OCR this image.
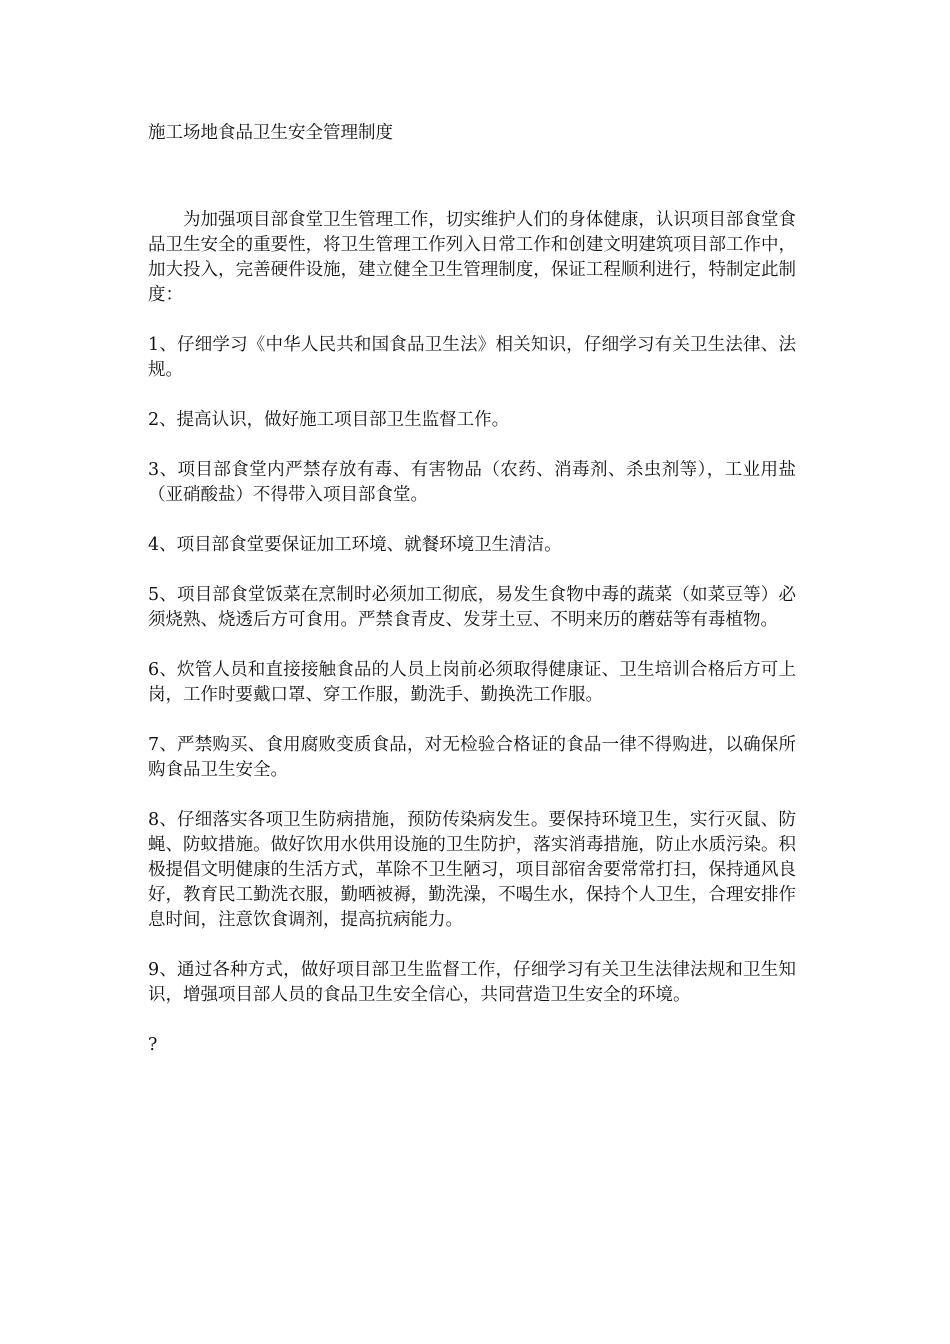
施工场地食品卫生安全管理制度

为加强项目部食堂卫生管理工作，切实维护人们的身体健康，认识项目部食堂食品卫生安全的重要性，将卫生管理工作列入日常工作和创建文明建筑项目部工作中，加大投入，完善硬件设施，建立健全卫生管理制度，保证工程顺利进行，特制定此制度：

1、仔细学习《中华人民共和国食品卫生法》相关知识，仔细学习有关卫生法律、法规。

2、提高认识，做好施工项目部卫生监督工作。

3、项目部食堂内严禁存放有毒、有害物品（农药、消毒剂、杀虫剂等），工业用盐（亚硝酸盐）不得带入项目部食堂。

4、项目部食堂要保证加工环境、就餐环境卫生清洁。

5、项目部食堂饭菜在烹制时必须加工彻底，易发生食物中毒的蔬菜（如菜豆等）必须烧熟、烧透后方可食用。严禁食青皮、发芽土豆、不明来历的蘑菇等有毒植物。

6、炊管人员和直接接触食品的人员上岗前必须取得健康证、卫生培训合格后方可上岗，工作时要戴口罩、穿工作服，勤洗手、勤换洗工作服。

7、严禁购买、食用腐败变质食品，对无检验合格证的食品一律不得购进，以确保所购食品卫生安全。

8、仔细落实各项卫生防病措施，预防传染病发生。要保持环境卫生，实行灭鼠、防蝇、防蚊措施。做好饮用水供用设施的卫生防护，落实消毒措施，防止水质污染。积极提倡文明健康的生活方式，革除不卫生陋习，项目部宿舍要常常打扫，保持通风良好，教育民工勤洗衣服，勤晒被褥，勤洗澡，不喝生水，保持个人卫生，合理安排作息时间，注意饮食调剂，提高抗病能力。

9、通过各种方式，做好项目部卫生监督工作，仔细学习有关卫生法律法规和卫生知识，增强项目部人员的食品卫生安全信心，共同营造卫生安全的环境。

?
